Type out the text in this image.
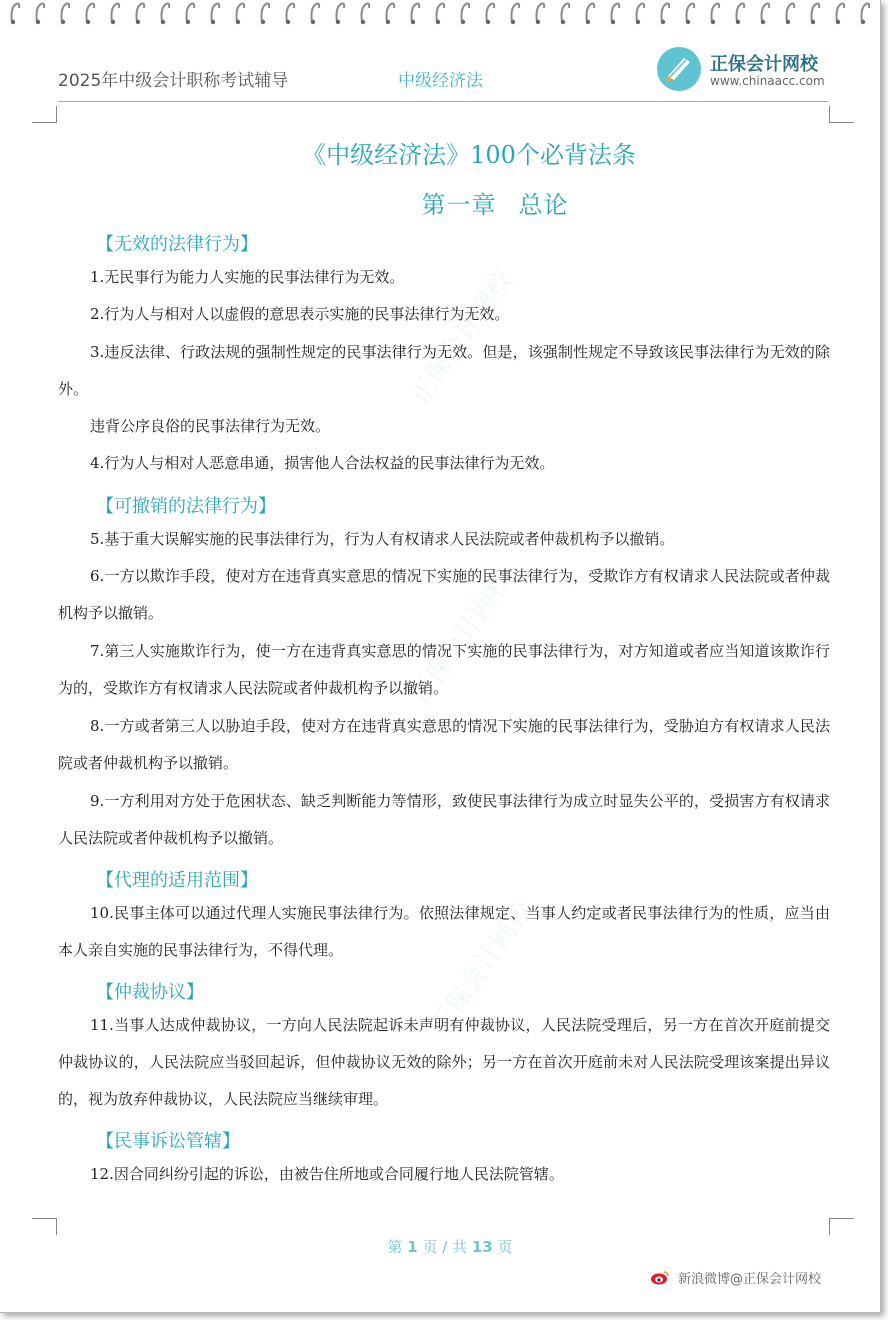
2025年中级会计职称考试辅导	中级经济法
正保会计网校
www.chinaacc.com
正保会计网校
正保会计网校
正保会计网校
《中级经济法》100个必背法条
第一章 总论
【无效的法律行为】
1.无民事行为能力人实施的民事法律行为无效。
2.行为人与相对人以虚假的意思表示实施的民事法律行为无效。
3.违反法律、行政法规的强制性规定的民事法律行为无效。但是，该强制性规定不导致该民事法律行为无效的除外。
违背公序良俗的民事法律行为无效。
4.行为人与相对人恶意串通，损害他人合法权益的民事法律行为无效。
【可撤销的法律行为】
5.基于重大误解实施的民事法律行为，行为人有权请求人民法院或者仲裁机构予以撤销。
6.一方以欺诈手段，使对方在违背真实意思的情况下实施的民事法律行为，受欺诈方有权请求人民法院或者仲裁机构予以撤销。
7.第三人实施欺诈行为，使一方在违背真实意思的情况下实施的民事法律行为，对方知道或者应当知道该欺诈行为的，受欺诈方有权请求人民法院或者仲裁机构予以撤销。
8.一方或者第三人以胁迫手段，使对方在违背真实意思的情况下实施的民事法律行为，受胁迫方有权请求人民法院或者仲裁机构予以撤销。
9.一方利用对方处于危困状态、缺乏判断能力等情形，致使民事法律行为成立时显失公平的，受损害方有权请求人民法院或者仲裁机构予以撤销。
【代理的适用范围】
10.民事主体可以通过代理人实施民事法律行为。依照法律规定、当事人约定或者民事法律行为的性质，应当由本人亲自实施的民事法律行为，不得代理。
【仲裁协议】
11.当事人达成仲裁协议，一方向人民法院起诉未声明有仲裁协议，人民法院受理后，另一方在首次开庭前提交仲裁协议的，人民法院应当驳回起诉，但仲裁协议无效的除外；另一方在首次开庭前未对人民法院受理该案提出异议的，视为放弃仲裁协议，人民法院应当继续审理。
【民事诉讼管辖】
12.因合同纠纷引起的诉讼，由被告住所地或合同履行地人民法院管辖。
第 1 页 / 共 13 页
新浪微博@正保会计网校
